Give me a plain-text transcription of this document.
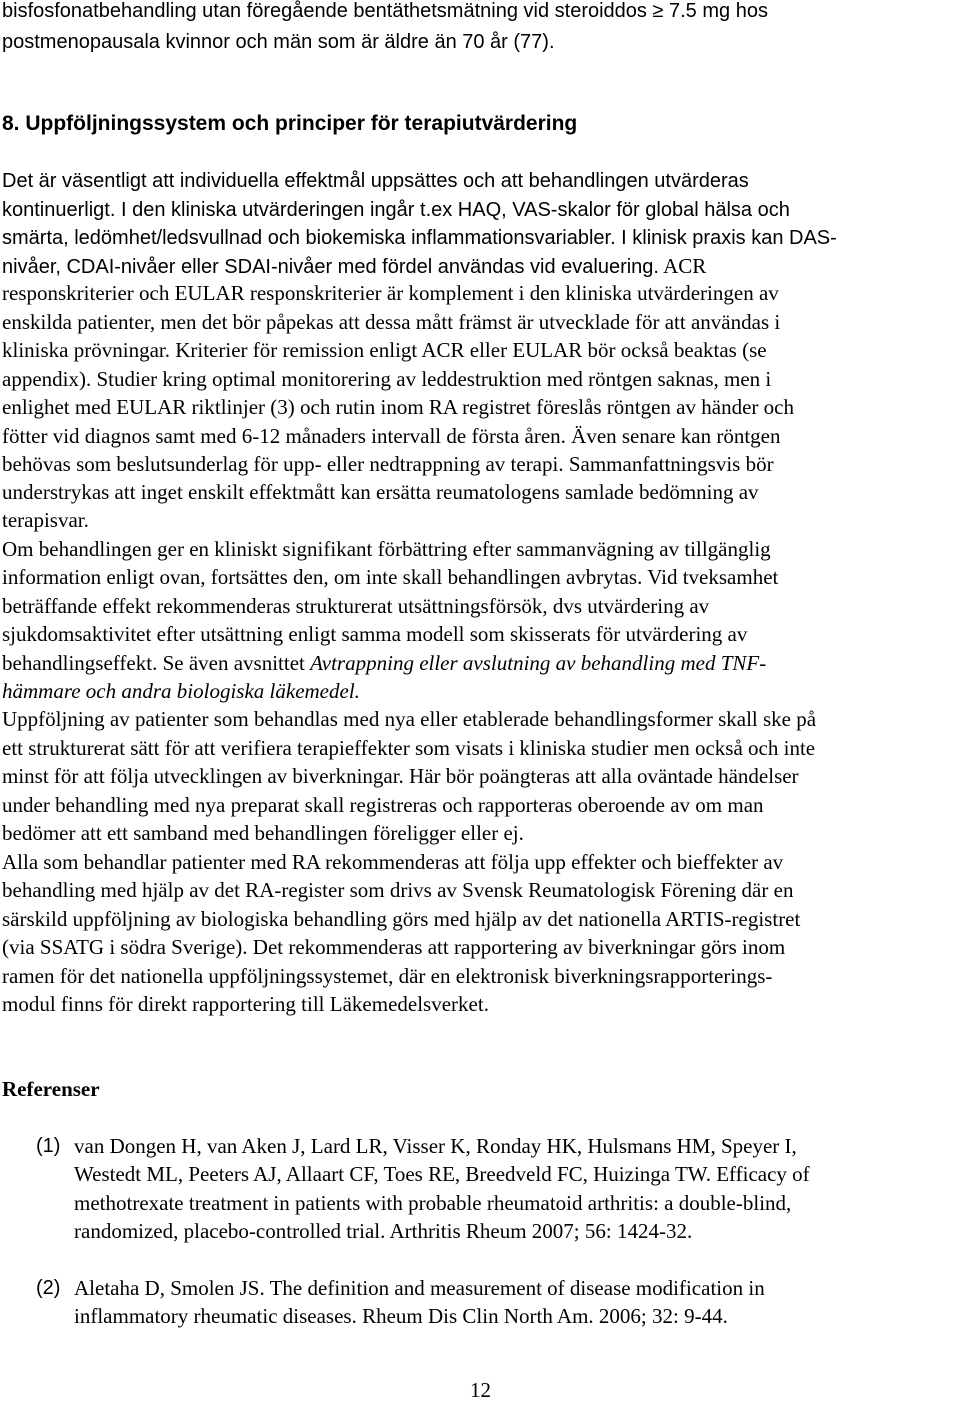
bisfosfonatbehandling utan föregående bentäthetsmätning vid steroiddos ≥ 7.5 mg hos
postmenopausala kvinnor och män som är äldre än 70 år (77).
8. Uppföljningssystem och principer för terapiutvärdering
Det är väsentligt att individuella effektmål uppsättes och att behandlingen utvärderas
kontinuerligt. I den kliniska utvärderingen ingår t.ex HAQ, VAS-skalor för global hälsa och
smärta, ledömhet/ledsvullnad och biokemiska inflammationsvariabler. I klinisk praxis kan DAS-
nivåer, CDAI-nivåer eller SDAI-nivåer med fördel användas vid evaluering. ACR
responskriterier och EULAR responskriterier är komplement i den kliniska utvärderingen av
enskilda patienter, men det bör påpekas att dessa mått främst är utvecklade för att användas i
kliniska prövningar. Kriterier för remission enligt ACR eller EULAR bör också beaktas (se
appendix). Studier kring optimal monitorering av leddestruktion med röntgen saknas, men i
enlighet med EULAR riktlinjer (3) och rutin inom RA registret föreslås röntgen av händer och
fötter vid diagnos samt med 6-12 månaders intervall de första åren. Även senare kan röntgen
behövas som beslutsunderlag för upp- eller nedtrappning av terapi. Sammanfattningsvis bör
understrykas att inget enskilt effektmått kan ersätta reumatologens samlade bedömning av
terapisvar.
Om behandlingen ger en kliniskt signifikant förbättring efter sammanvägning av tillgänglig
information enligt ovan, fortsättes den, om inte skall behandlingen avbrytas. Vid tveksamhet
beträffande effekt rekommenderas strukturerat utsättningsförsök, dvs utvärdering av
sjukdomsaktivitet efter utsättning enligt samma modell som skisserats för utvärdering av
behandlingseffekt. Se även avsnittet Avtrappning eller avslutning av behandling med TNF-
hämmare och andra biologiska läkemedel.
Uppföljning av patienter som behandlas med nya eller etablerade behandlingsformer skall ske på
ett strukturerat sätt för att verifiera terapieffekter som visats i kliniska studier men också och inte
minst för att följa utvecklingen av biverkningar. Här bör poängteras att alla oväntade händelser
under behandling med nya preparat skall registreras och rapporteras oberoende av om man
bedömer att ett samband med behandlingen föreligger eller ej.
Alla som behandlar patienter med RA rekommenderas att följa upp effekter och bieffekter av
behandling med hjälp av det RA-register som drivs av Svensk Reumatologisk Förening där en
särskild uppföljning av biologiska behandling görs med hjälp av det nationella ARTIS-registret
(via SSATG i södra Sverige). Det rekommenderas att rapportering av biverkningar görs inom
ramen för det nationella uppföljningssystemet, där en elektronisk biverkningsrapporterings-
modul finns för direkt rapportering till Läkemedelsverket.
Referenser
(1) van Dongen H, van Aken J, Lard LR, Visser K, Ronday HK, Hulsmans HM, Speyer I,
Westedt ML, Peeters AJ, Allaart CF, Toes RE, Breedveld FC, Huizinga TW. Efficacy of
methotrexate treatment in patients with probable rheumatoid arthritis: a double-blind,
randomized, placebo-controlled trial. Arthritis Rheum 2007; 56: 1424-32.
(2) Aletaha D, Smolen JS. The definition and measurement of disease modification in
inflammatory rheumatic diseases. Rheum Dis Clin North Am. 2006; 32: 9-44.
12
